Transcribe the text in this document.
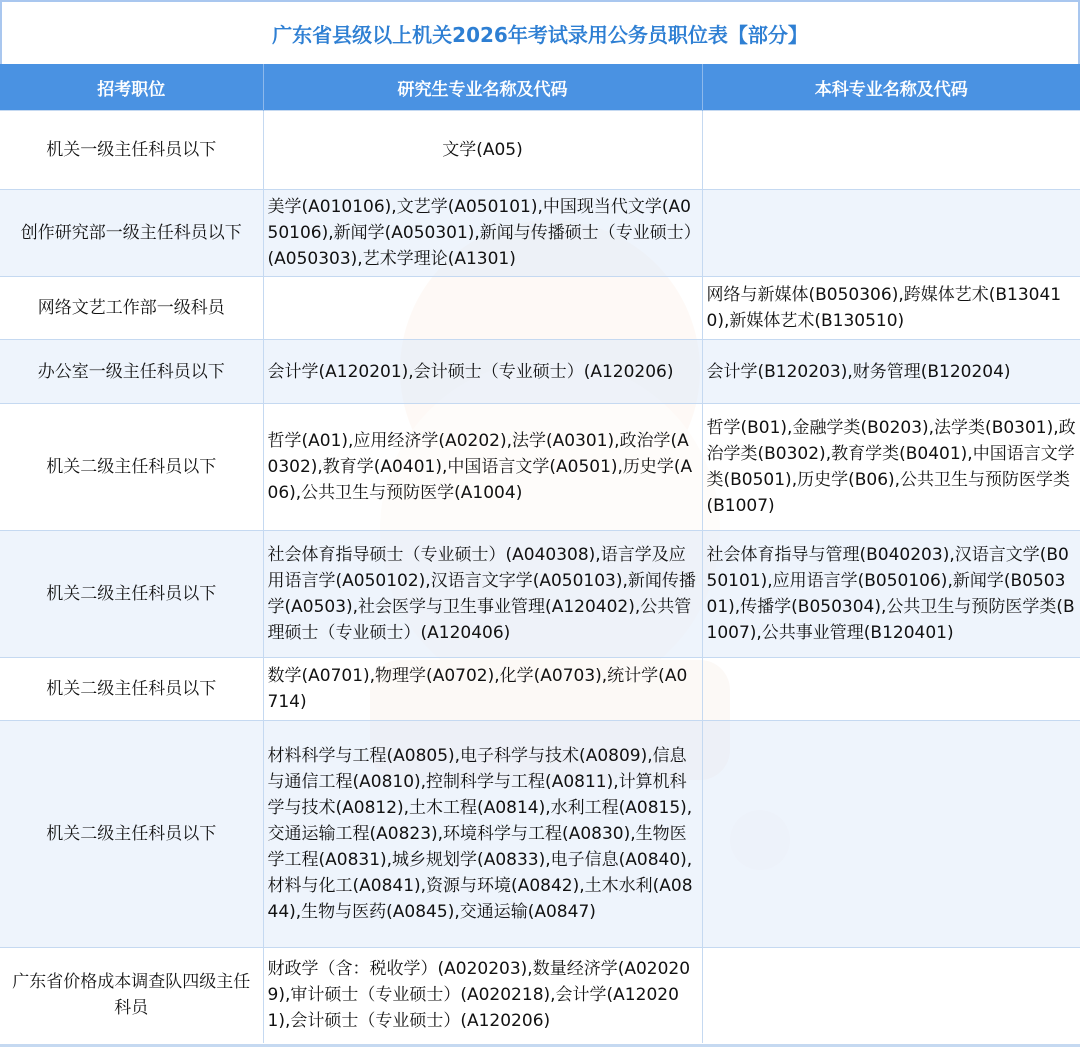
广东省县级以上机关2026年考试录用公务员职位表【部分】
招考职位	研究生专业名称及代码	本科专业名称及代码
机关一级主任科员以下	文学(A05)	
创作研究部一级主任科员以下	美学(A010106),文艺学(A050101),中国现当代文学(A050106),新闻学(A050301),新闻与传播硕士（专业硕士）(A050303),艺术学理论(A1301)	
网络文艺工作部一级科员		网络与新媒体(B050306),跨媒体艺术(B130410),新媒体艺术(B130510)
办公室一级主任科员以下	会计学(A120201),会计硕士（专业硕士）(A120206)	会计学(B120203),财务管理(B120204)
机关二级主任科员以下	哲学(A01),应用经济学(A0202),法学(A0301),政治学(A0302),教育学(A0401),中国语言文学(A0501),历史学(A06),公共卫生与预防医学(A1004)	哲学(B01),金融学类(B0203),法学类(B0301),政治学类(B0302),教育学类(B0401),中国语言文学类(B0501),历史学(B06),公共卫生与预防医学类(B1007)
机关二级主任科员以下	社会体育指导硕士（专业硕士）(A040308),语言学及应用语言学(A050102),汉语言文字学(A050103),新闻传播学(A0503),社会医学与卫生事业管理(A120402),公共管理硕士（专业硕士）(A120406)	社会体育指导与管理(B040203),汉语言文学(B050101),应用语言学(B050106),新闻学(B050301),传播学(B050304),公共卫生与预防医学类(B1007),公共事业管理(B120401)
机关二级主任科员以下	数学(A0701),物理学(A0702),化学(A0703),统计学(A0714)	
机关二级主任科员以下	材料科学与工程(A0805),电子科学与技术(A0809),信息与通信工程(A0810),控制科学与工程(A0811),计算机科学与技术(A0812),土木工程(A0814),水利工程(A0815),交通运输工程(A0823),环境科学与工程(A0830),生物医学工程(A0831),城乡规划学(A0833),电子信息(A0840),材料与化工(A0841),资源与环境(A0842),土木水利(A0844),生物与医药(A0845),交通运输(A0847)	
广东省价格成本调查队四级主任科员	财政学（含：税收学）(A020203),数量经济学(A020209),审计硕士（专业硕士）(A020218),会计学(A120201),会计硕士（专业硕士）(A120206)	
